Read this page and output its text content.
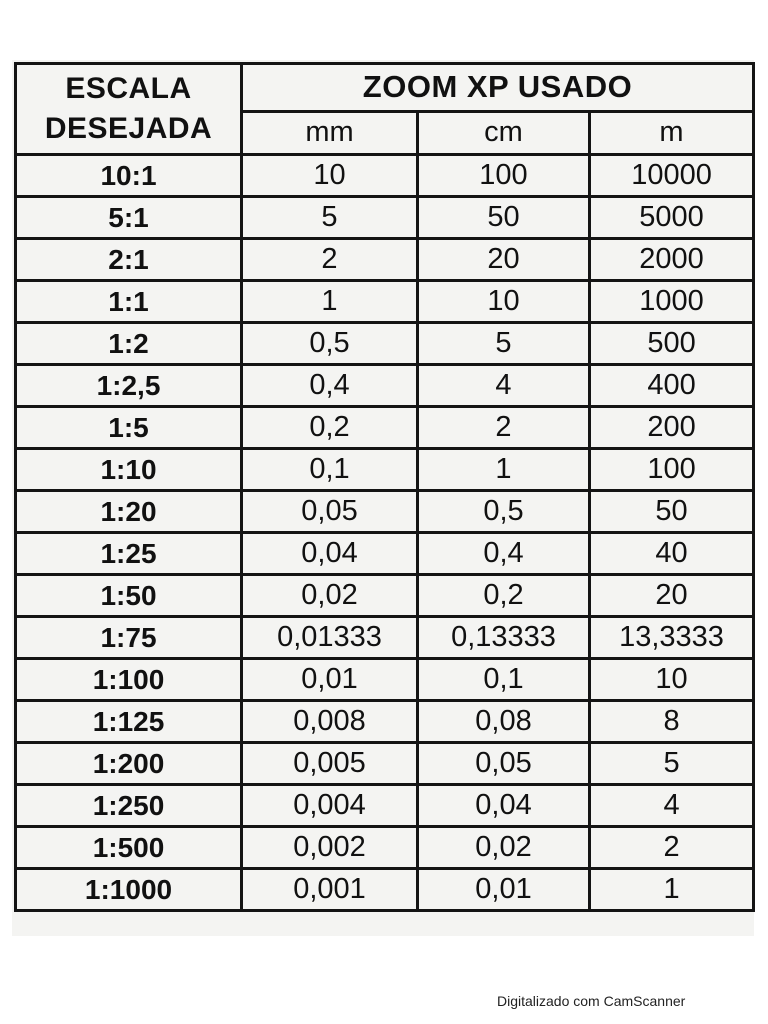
ESCALA
DESEJADA	ZOOM XP USADO		
	mm	cm	m
10:1	10	100	10000
5:1	5	50	5000
2:1	2	20	2000
1:1	1	10	1000
1:2	0,5	5	500
1:2,5	0,4	4	400
1:5	0,2	2	200
1:10	0,1	1	100
1:20	0,05	0,5	50
1:25	0,04	0,4	40
1:50	0,02	0,2	20
1:75	0,01333	0,13333	13,3333
1:100	0,01	0,1	10
1:125	0,008	0,08	8
1:200	0,005	0,05	5
1:250	0,004	0,04	4
1:500	0,002	0,02	2
1:1000	0,001	0,01	1
Digitalizado com CamScanner
